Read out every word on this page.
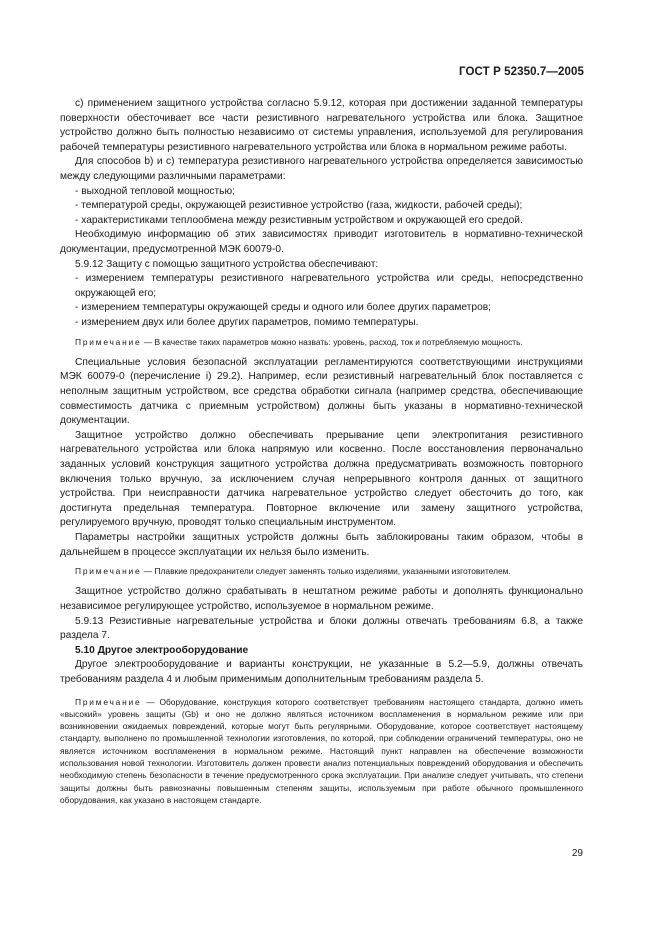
ГОСТ Р 52350.7—2005

с) применением защитного устройства согласно 5.9.12, которая при достижении заданной температуры поверхности обесточивает все части резистивного нагревательного устройства или блока. Защитное устройство должно быть полностью независимо от системы управления, используемой для регулирования рабочей температуры резистивного нагревательного устройства или блока в нормальном режиме работы.

Для способов b) и с) температура резистивного нагревательного устройства определяется зависимостью между следующими различными параметрами:

- выходной тепловой мощностью;

- температурой среды, окружающей резистивное устройство (газа, жидкости, рабочей среды);

- характеристиками теплообмена между резистивным устройством и окружающей его средой.

Необходимую информацию об этих зависимостях приводит изготовитель в нормативно-технической документации, предусмотренной МЭК 60079-0.

5.9.12 Защиту с помощью защитного устройства обеспечивают:

- измерением температуры резистивного нагревательного устройства или среды, непосредственно окружающей его;

- измерением температуры окружающей среды и одного или более других параметров;

- измерением двух или более других параметров, помимо температуры.

Примечание — В качестве таких параметров можно назвать: уровень, расход, ток и потребляемую мощность.

Специальные условия безопасной эксплуатации регламентируются соответствующими инструкциями МЭК 60079-0 (перечисление i) 29.2). Например, если резистивный нагревательный блок поставляется с неполным защитным устройством, все средства обработки сигнала (например средства, обеспечивающие совместимость датчика с приемным устройством) должны быть указаны в нормативно-технической документации.

Защитное устройство должно обеспечивать прерывание цепи электропитания резистивного нагревательного устройства или блока напрямую или косвенно. После восстановления первоначально заданных условий конструкция защитного устройства должна предусматривать возможность повторного включения только вручную, за исключением случая непрерывного контроля данных от защитного устройства. При неисправности датчика нагревательное устройство следует обесточить до того, как достигнута предельная температура. Повторное включение или замену защитного устройства, регулируемого вручную, проводят только специальным инструментом.

Параметры настройки защитных устройств должны быть заблокированы таким образом, чтобы в дальнейшем в процессе эксплуатации их нельзя было изменить.

Примечание — Плавкие предохранители следует заменять только изделиями, указанными изготовителем.

Защитное устройство должно срабатывать в нештатном режиме работы и дополнять функционально независимое регулирующее устройство, используемое в нормальном режиме.

5.9.13 Резистивные нагревательные устройства и блоки должны отвечать требованиям 6.8, а также раздела 7.

5.10 Другое электрооборудование

Другое электрооборудование и варианты конструкции, не указанные в 5.2—5.9, должны отвечать требованиям раздела 4 и любым применимым дополнительным требованиям раздела 5.

Примечание — Оборудование, конструкция которого соответствует требованиям настоящего стандарта, должно иметь «высокий» уровень защиты (Gb) и оно не должно являться источником воспламенения в нормальном режиме или при возникновении ожидаемых повреждений, которые могут быть регулярными. Оборудование, которое соответствует настоящему стандарту, выполнено по промышленной технологии изготовления, по которой, при соблюдении ограничений температуры, оно не является источником воспламенения в нормальном режиме. Настоящий пункт направлен на обеспечение возможности использования новой технологии. Изготовитель должен провести анализ потенциальных повреждений оборудования и обеспечить необходимую степень безопасности в течение предусмотренного срока эксплуатации. При анализе следует учитывать, что степени защиты должны быть равнозначны повышенным степеням защиты, используемым при работе обычного промышленного оборудования, как указано в настоящем стандарте.

29
